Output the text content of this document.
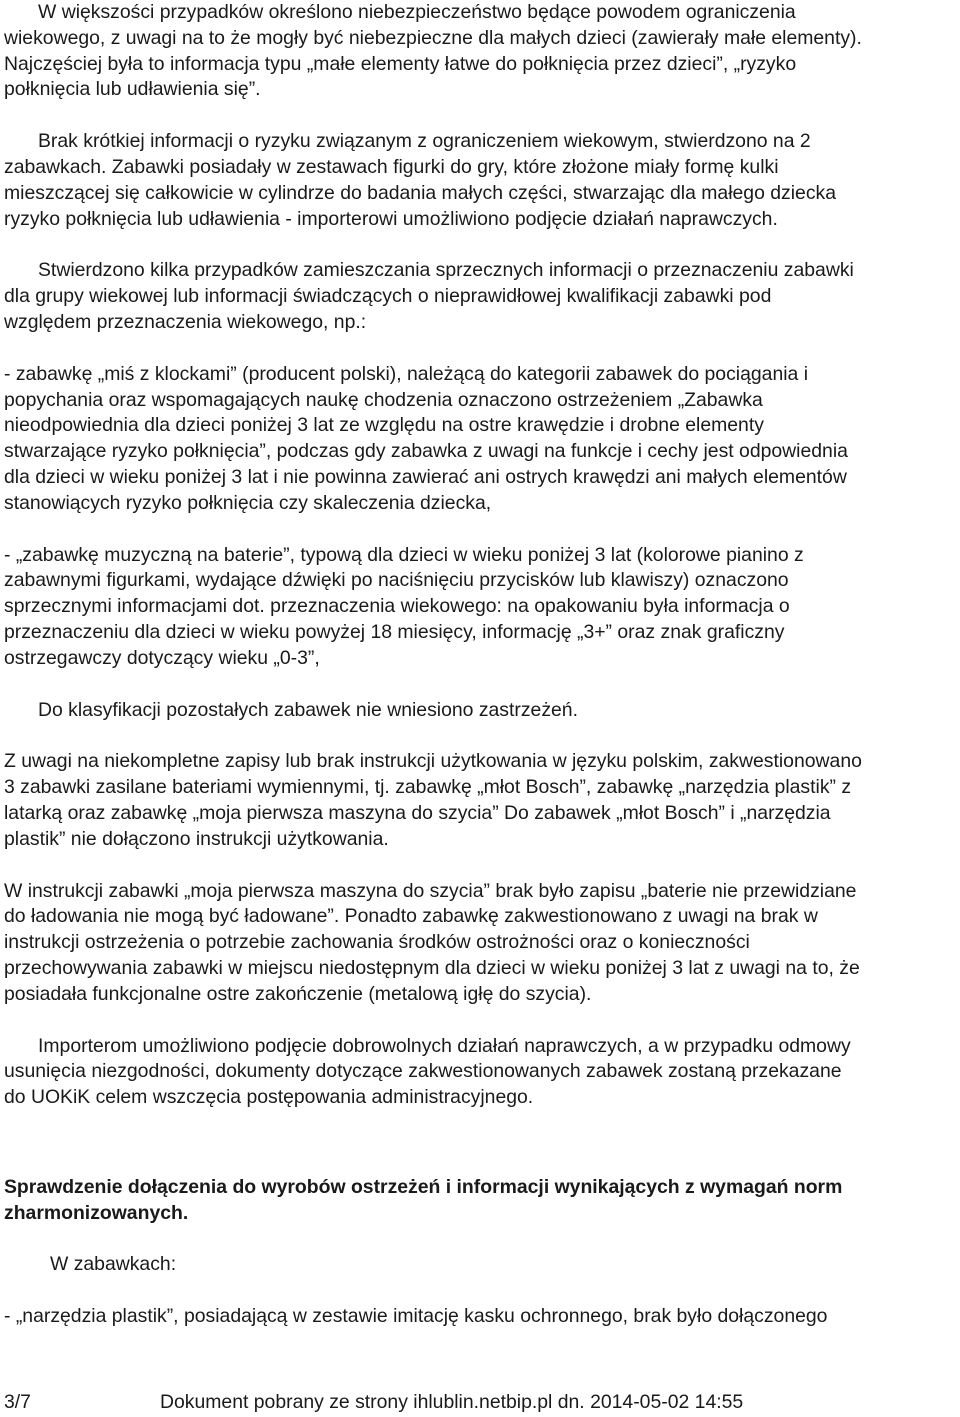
W większości przypadków określono niebezpieczeństwo będące powodem ograniczenia
wiekowego, z uwagi na to że mogły być niebezpieczne dla małych dzieci (zawierały małe elementy).
Najczęściej była to informacja typu „małe elementy łatwe do połknięcia przez dzieci”, „ryzyko
połknięcia lub udławienia się”.
Brak krótkiej informacji o ryzyku związanym z ograniczeniem wiekowym, stwierdzono na 2
zabawkach. Zabawki posiadały w zestawach figurki do gry, które złożone miały formę kulki
mieszczącej się całkowicie w cylindrze do badania małych części, stwarzając dla małego dziecka
ryzyko połknięcia lub udławienia - importerowi umożliwiono podjęcie działań naprawczych.
Stwierdzono kilka przypadków zamieszczania sprzecznych informacji o przeznaczeniu zabawki
dla grupy wiekowej lub informacji świadczących o nieprawidłowej kwalifikacji zabawki pod
względem przeznaczenia wiekowego, np.:
- zabawkę „miś z klockami” (producent polski), należącą do kategorii zabawek do pociągania i
popychania oraz wspomagających naukę chodzenia oznaczono ostrzeżeniem „Zabawka
nieodpowiednia dla dzieci poniżej 3 lat ze względu na ostre krawędzie i drobne elementy
stwarzające ryzyko połknięcia”, podczas gdy zabawka z uwagi na funkcje i cechy jest odpowiednia
dla dzieci w wieku poniżej 3 lat i nie powinna zawierać ani ostrych krawędzi ani małych elementów
stanowiących ryzyko połknięcia czy skaleczenia dziecka,
- „zabawkę muzyczną na baterie”, typową dla dzieci w wieku poniżej 3 lat (kolorowe pianino z
zabawnymi figurkami, wydające dźwięki po naciśnięciu przycisków lub klawiszy) oznaczono
sprzecznymi informacjami dot. przeznaczenia wiekowego: na opakowaniu była informacja o
przeznaczeniu dla dzieci w wieku powyżej 18 miesięcy, informację „3+” oraz znak graficzny
ostrzegawczy dotyczący wieku „0-3”,
Do klasyfikacji pozostałych zabawek nie wniesiono zastrzeżeń.
Z uwagi na niekompletne zapisy lub brak instrukcji użytkowania w języku polskim, zakwestionowano
3 zabawki zasilane bateriami wymiennymi, tj. zabawkę „młot Bosch”, zabawkę „narzędzia plastik” z
latarką oraz zabawkę „moja pierwsza maszyna do szycia” Do zabawek „młot Bosch” i „narzędzia
plastik” nie dołączono instrukcji użytkowania.
W instrukcji zabawki „moja pierwsza maszyna do szycia” brak było zapisu „baterie nie przewidziane
do ładowania nie mogą być ładowane”. Ponadto zabawkę zakwestionowano z uwagi na brak w
instrukcji ostrzeżenia o potrzebie zachowania środków ostrożności oraz o konieczności
przechowywania zabawki w miejscu niedostępnym dla dzieci w wieku poniżej 3 lat z uwagi na to, że
posiadała funkcjonalne ostre zakończenie (metalową igłę do szycia).
Importerom umożliwiono podjęcie dobrowolnych działań naprawczych, a w przypadku odmowy
usunięcia niezgodności, dokumenty dotyczące zakwestionowanych zabawek zostaną przekazane
do UOKiK celem wszczęcia postępowania administracyjnego.
Sprawdzenie dołączenia do wyrobów ostrzeżeń i informacji wynikających z wymagań norm
zharmonizowanych.
W zabawkach:
- „narzędzia plastik”, posiadającą w zestawie imitację kasku ochronnego, brak było dołączonego
3/7	Dokument pobrany ze strony ihlublin.netbip.pl dn. 2014-05-02 14:55
